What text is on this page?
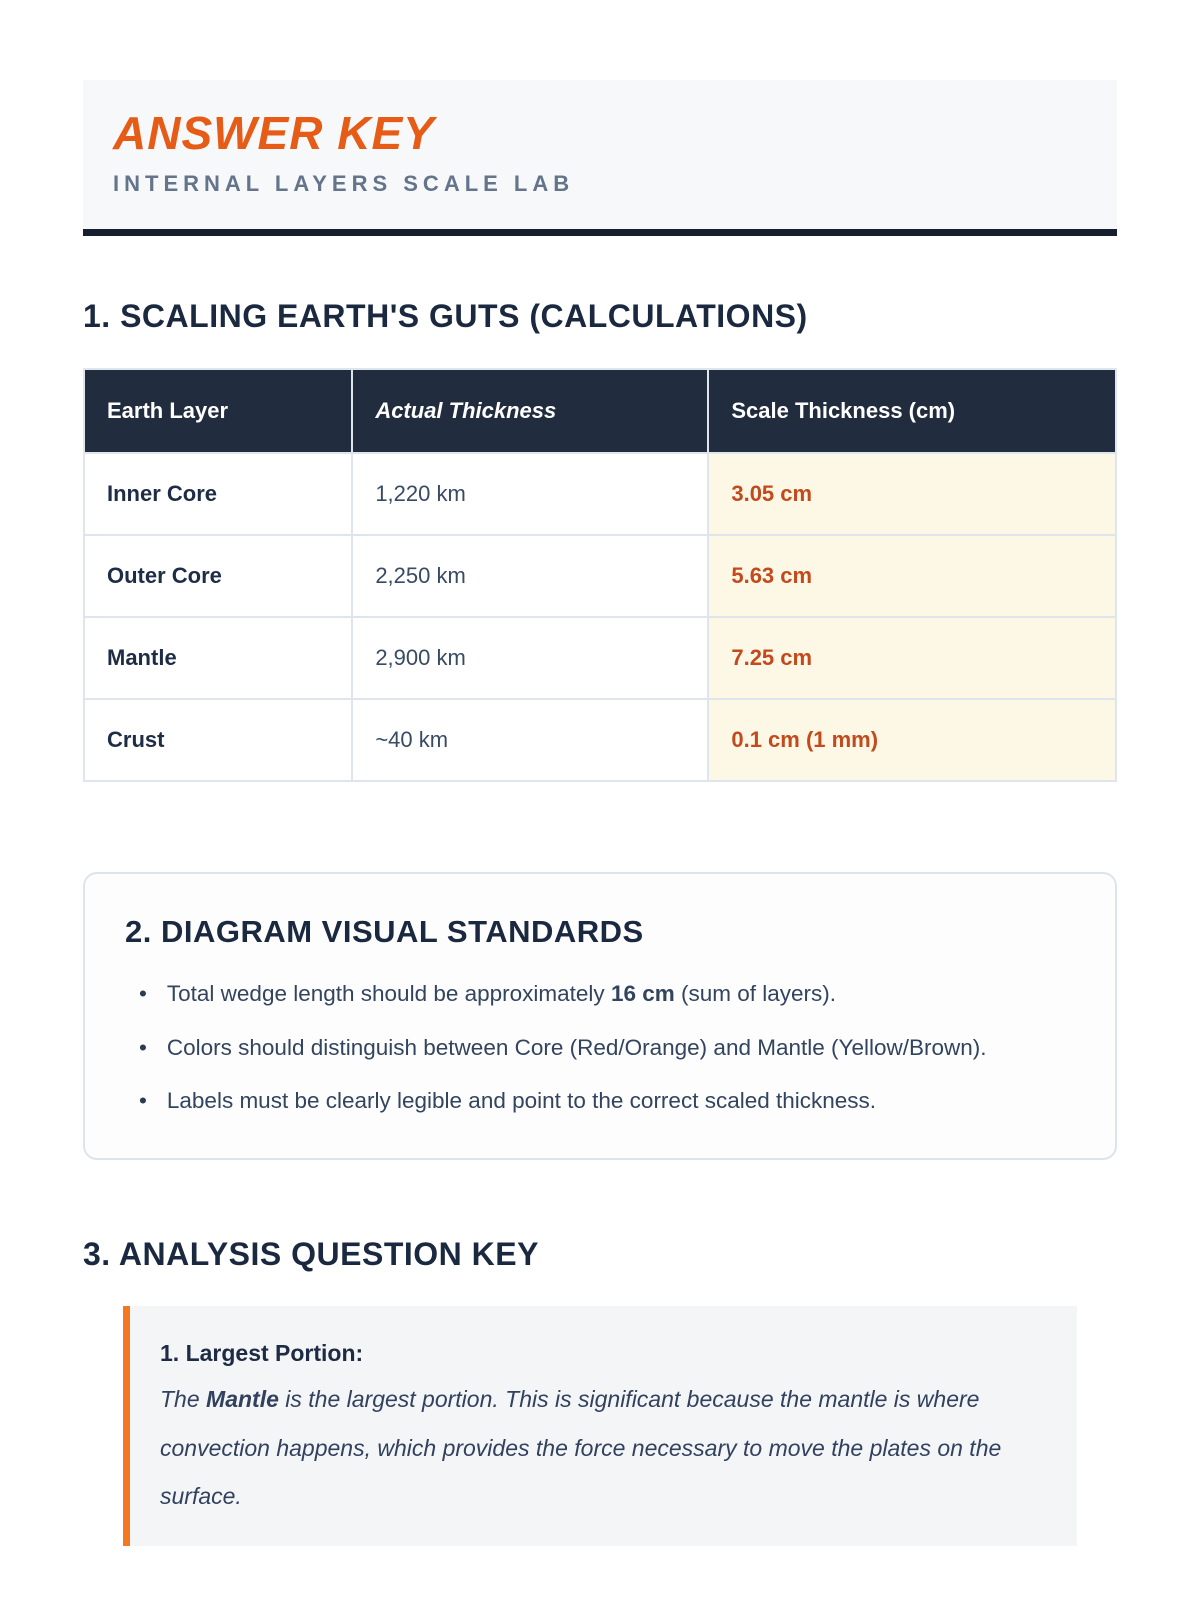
ANSWER KEY

INTERNAL LAYERS SCALE LAB

1. SCALING EARTH'S GUTS (CALCULATIONS)
Earth Layer	Actual Thickness	Scale Thickness (cm)
Inner Core	1,220 km	3.05 cm
Outer Core	2,250 km	5.63 cm
Mantle	2,900 km	7.25 cm
Crust	~40 km	0.1 cm (1 mm)
2. DIAGRAM VISUAL STANDARDS
• Total wedge length should be approximately 16 cm (sum of layers).
• Colors should distinguish between Core (Red/Orange) and Mantle (Yellow/Brown).
• Labels must be clearly legible and point to the correct scaled thickness.
3. ANALYSIS QUESTION KEY

1. Largest Portion:

The Mantle is the largest portion. This is significant because the mantle is where convection happens, which provides the force necessary to move the plates on the surface.
